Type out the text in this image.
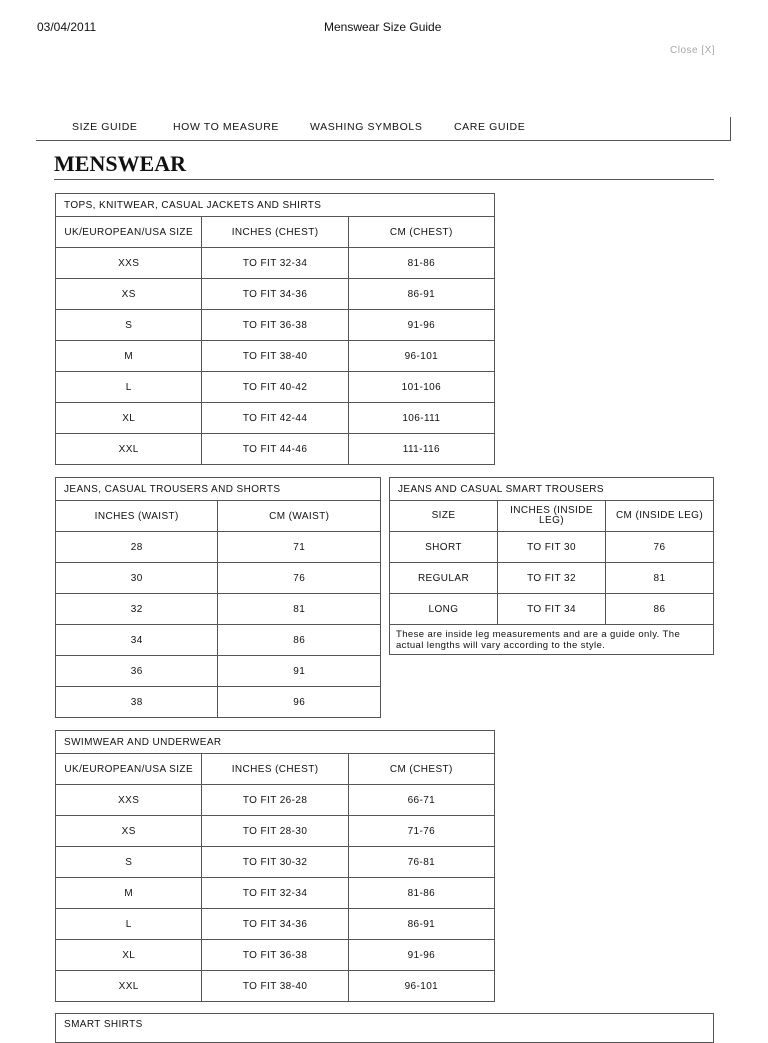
03/04/2011	Menswear Size Guide
Close [X]
SIZE GUIDE	HOW TO MEASURE	WASHING SYMBOLS	CARE GUIDE
MENSWEAR
TOPS, KNITWEAR, CASUAL JACKETS AND SHIRTS		
UK/EUROPEAN/USA SIZE	INCHES (CHEST)	CM (CHEST)
XXS	TO FIT 32-34	81-86
XS	TO FIT 34-36	86-91
S	TO FIT 36-38	91-96
M	TO FIT 38-40	96-101
L	TO FIT 40-42	101-106
XL	TO FIT 42-44	106-111
XXL	TO FIT 44-46	111-116
JEANS, CASUAL TROUSERS AND SHORTS	
INCHES (WAIST)	CM (WAIST)
28	71
30	76
32	81
34	86
36	91
38	96
JEANS AND CASUAL SMART TROUSERS		
SIZE	INCHES (INSIDE LEG)	CM (INSIDE LEG)
SHORT	TO FIT 30	76
REGULAR	TO FIT 32	81
LONG	TO FIT 34	86
These are inside leg measurements and are a guide only. The actual lengths will vary according to the style.		
SWIMWEAR AND UNDERWEAR		
UK/EUROPEAN/USA SIZE	INCHES (CHEST)	CM (CHEST)
XXS	TO FIT 26-28	66-71
XS	TO FIT 28-30	71-76
S	TO FIT 30-32	76-81
M	TO FIT 32-34	81-86
L	TO FIT 34-36	86-91
XL	TO FIT 36-38	91-96
XXL	TO FIT 38-40	96-101
SMART SHIRTS
